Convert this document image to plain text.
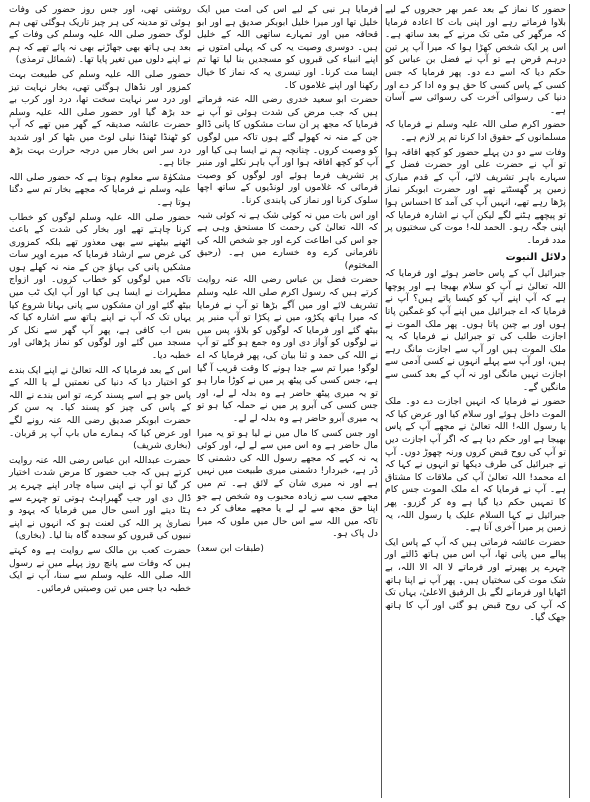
روشنی تھی، اور جس روز حضور کی وفات ہوئی تو مدینہ کی ہر چیز تاریک ہوگئی تھی ہم لوگ حضور صلی اللہ علیہ وسلم کی وفات کے بعد ہی ہاتھ بھی جھاڑنے بھی نہ پائے تھے کہ ہم نے اپنے دلوں میں تغیر پایا تھا۔ (شمائل ترمذی)

حضور صلی اللہ علیہ وسلم کی طبیعت بہت کمزور اور نڈھال ہوگئی تھی، بخار نہایت تیز اور درد سر نہایت سخت تھا، درد اور کرب بے حد بڑھ گیا اور حضور صلی اللہ علیہ وسلم حضرت عائشہ صدیقہ کے گھر میں تھے کہ آپ کو ٹھنڈا ٹھنڈا نیلی لوٹ میں بٹھا کر اور شدید درد سر اس بخار میں درجہ حرارت بہت بڑھ جاتا ہے۔

مشکوٰۃ سے معلوم ہوتا ہے کہ حضور صلی اللہ علیہ وسلم نے فرمایا کہ مجھے بخار تم سے دگنا ہوتا ہے۔

حضور صلی اللہ علیہ وسلم لوگوں کو خطاب کرنا چاہتے تھے اور بخار کی شدت کے باعث اٹھنے بیٹھنے سے بھی معذور تھے بلکہ کمزوری کی غرض سے ارشاد فرمایا کہ میرے اوپر سات مشکیں پانی کی بہاؤ جن کے منہ نہ کھلے ہوں تاکہ میں لوگوں کو خطاب کروں۔ اور ازواج مطہرات نے ایسا ہی کیا اور آپ ایک ٹب میں بیٹھ گئے اور ان مشکوں سے پانی بہانا شروع کیا یہاں تک کہ آپ نے اپنے ہاتھ سے اشارہ کیا کہ بس اب کافی ہے، پھر آپ گھر سے نکل کر مسجد میں گئے اور لوگوں کو نماز پڑھائی اور خطبہ دیا۔

اس کے بعد فرمایا کہ اللہ تعالیٰ نے اپنے ایک بندے کو اختیار دیا کہ دنیا کی نعمتیں لے یا اللہ کے پاس جو ہے اسے پسند کرے، تو اس بندے نے اللہ کے پاس کی چیز کو پسند کیا۔ یہ سن کر حضرت ابوبکر صدیق رضی اللہ عنہ رونے لگے اور عرض کیا کہ ہمارے ماں باپ آپ پر قربان۔ (بخاری شریف)

حضرت عبداللہ ابن عباس رضی اللہ عنہ روایت کرتے ہیں کہ جب حضور کا مرض شدت اختیار کر گیا تو آپ نے اپنی سیاہ چادر اپنے چہرے پر ڈال دی اور جب گھبراہٹ ہوتی تو چہرے سے ہٹا دیتے اور اسی حال میں فرمایا کہ یہود و نصاریٰ پر اللہ کی لعنت ہو کہ انہوں نے اپنے نبیوں کی قبروں کو سجدہ گاہ بنا لیا۔ (بخاری)

حضرت کعب بن مالک سے روایت ہے وہ کہتے ہیں کہ وفات سے پانچ روز پہلے میں نے رسول اللہ صلی اللہ علیہ وسلم سے سنا، آپ نے ایک خطبہ دیا جس میں تین وصیتیں فرمائیں۔

فرمایا ہر نبی کے لیے اس کی امت میں ایک خلیل تھا اور میرا خلیل ابوبکر صدیق ہے اور ابو قحافہ میں اور تمہارے ساتھی اللہ کے خلیل ہیں۔ دوسری وصیت یہ کی کہ پہلی امتوں نے اپنے انبیاء کی قبروں کو مسجدیں بنا لیا تھا تم ایسا مت کرنا۔ اور تیسری یہ کہ نماز کا خیال رکھنا اور اپنے غلاموں کا۔

حضرت ابو سعید خدری رضی اللہ عنہ فرماتے ہیں کہ جب مرض کی شدت ہوئی تو آپ نے فرمایا کہ مجھ پر ان سات مشکوں کا پانی ڈالو جن کے منہ نہ کھولے گئے ہوں تاکہ میں لوگوں کو وصیت کروں۔ چنانچہ ہم نے ایسا ہی کیا اور آپ کو کچھ افاقہ ہوا اور آپ باہر نکلے اور منبر پر تشریف فرما ہوئے اور لوگوں کو وصیت فرمائی کہ غلاموں اور لونڈیوں کے ساتھ اچھا سلوک کرنا اور نماز کی پابندی کرنا۔

اور اس بات میں نہ کوئی شک ہے نہ کوئی شبہ کہ اللہ تعالیٰ کی رحمت کا مستحق وہی ہے جو اس کی اطاعت کرے اور جو شخص اللہ کی نافرمانی کرے وہ خسارے میں ہے۔ (رحیق المختوم)

حضرت فضل بن عباس رضی اللہ عنہ روایت کرتے ہیں کہ رسول اکرم صلی اللہ علیہ وسلم تشریف لائے اور میں آگے بڑھا تو آپ نے فرمایا کہ میرا ہاتھ پکڑو، میں نے پکڑا تو آپ منبر پر بیٹھ گئے اور فرمایا کہ لوگوں کو بلاؤ، پس میں نے لوگوں کو آواز دی اور وہ جمع ہو گئے تو آپ نے اللہ کی حمد و ثنا بیان کی، پھر فرمایا کہ اے لوگو! میرا تم سے جدا ہونے کا وقت قریب آ گیا ہے، جس کسی کی پیٹھ پر میں نے کوڑا مارا ہو تو یہ میری پیٹھ حاضر ہے وہ بدلہ لے لے، اور جس کسی کی آبرو پر میں نے حملہ کیا ہو تو یہ میری آبرو حاضر ہے وہ بدلہ لے لے۔

اور جس کسی کا مال میں نے لیا ہو تو یہ میرا مال حاضر ہے وہ اس میں سے لے لے، اور کوئی یہ نہ کہے کہ مجھے رسول اللہ کی دشمنی کا ڈر ہے، خبردار! دشمنی میری طبیعت میں نہیں ہے اور نہ میری شان کے لائق ہے۔ تم میں مجھے سب سے زیادہ محبوب وہ شخص ہے جو اپنا حق مجھ سے لے لے یا مجھے معاف کر دے تاکہ میں اللہ سے اس حال میں ملوں کہ میرا دل پاک ہو۔

(طبقات ابن سعد)

حضور کا نماز کے بعد عمر بھر حجروں کے لیے بلاوا فرماتے رہے اور اپنی بات کا اعادہ فرمایا کہ مرگھر کی مٹی تک مرنے کے بعد ساتھ ہے۔ اس پر ایک شخص کھڑا ہوا کہ میرا آپ پر تین درہم قرض ہے تو آپ نے فضل بن عباس کو حکم دیا کہ اسے دے دو۔ پھر فرمایا کہ جس کسی کے پاس کسی کا حق ہو وہ ادا کر دے اور دنیا کی رسوائی آخرت کی رسوائی سے آسان ہے۔

حضور اکرم صلی اللہ علیہ وسلم نے فرمایا کہ مسلمانوں کے حقوق ادا کرنا تم پر لازم ہے۔

وفات سے دو دن پہلے حضور کو کچھ افاقہ ہوا تو آپ نے حضرت علی اور حضرت فضل کے سہارے باہر تشریف لائے، آپ کے قدم مبارک زمین پر گھسٹتے تھے اور حضرت ابوبکر نماز پڑھا رہے تھے، انہیں آپ کی آمد کا احساس ہوا تو پیچھے ہٹنے لگے لیکن آپ نے اشارہ فرمایا کہ اپنی جگہ رہو۔ الحمد للہ! موت کی سختیوں پر مدد فرما۔

دلائل النبوت

جبرائیل آپ کے پاس حاضر ہوئے اور فرمایا کہ اللہ تعالیٰ نے آپ کو سلام بھیجا ہے اور پوچھا ہے کہ آپ اپنے آپ کو کیسا پاتے ہیں؟ آپ نے فرمایا کہ اے جبرائیل میں اپنے آپ کو غمگین پاتا ہوں اور بے چین پاتا ہوں۔ پھر ملک الموت نے اجازت طلب کی تو جبرائیل نے فرمایا کہ یہ ملک الموت ہیں اور آپ سے اجازت مانگ رہے ہیں، اور آپ سے پہلے انہوں نے کسی آدمی سے اجازت نہیں مانگی اور نہ آپ کے بعد کسی سے مانگیں گے۔

حضور نے فرمایا کہ انہیں اجازت دے دو۔ ملک الموت داخل ہوئے اور سلام کیا اور عرض کیا کہ یا رسول اللہ! اللہ تعالیٰ نے مجھے آپ کے پاس بھیجا ہے اور حکم دیا ہے کہ اگر آپ اجازت دیں تو آپ کی روح قبض کروں ورنہ چھوڑ دوں۔ آپ نے جبرائیل کی طرف دیکھا تو انہوں نے کہا کہ اے محمد! اللہ تعالیٰ آپ کی ملاقات کا مشتاق ہے۔ آپ نے فرمایا کہ اے ملک الموت جس کام کا تمہیں حکم دیا گیا ہے وہ کر گزرو۔ پھر جبرائیل نے کہا السلام علیک یا رسول اللہ، یہ زمین پر میرا آخری آنا ہے۔

حضرت عائشہ فرماتی ہیں کہ آپ کے پاس ایک پیالے میں پانی تھا، آپ اس میں ہاتھ ڈالتے اور چہرے پر پھیرتے اور فرماتے لا الہ الا اللہ، بے شک موت کی سختیاں ہیں۔ پھر آپ نے اپنا ہاتھ اٹھایا اور فرمانے لگے بل الرفیق الاعلیٰ، یہاں تک کہ آپ کی روح قبض ہو گئی اور آپ کا ہاتھ جھک گیا۔
